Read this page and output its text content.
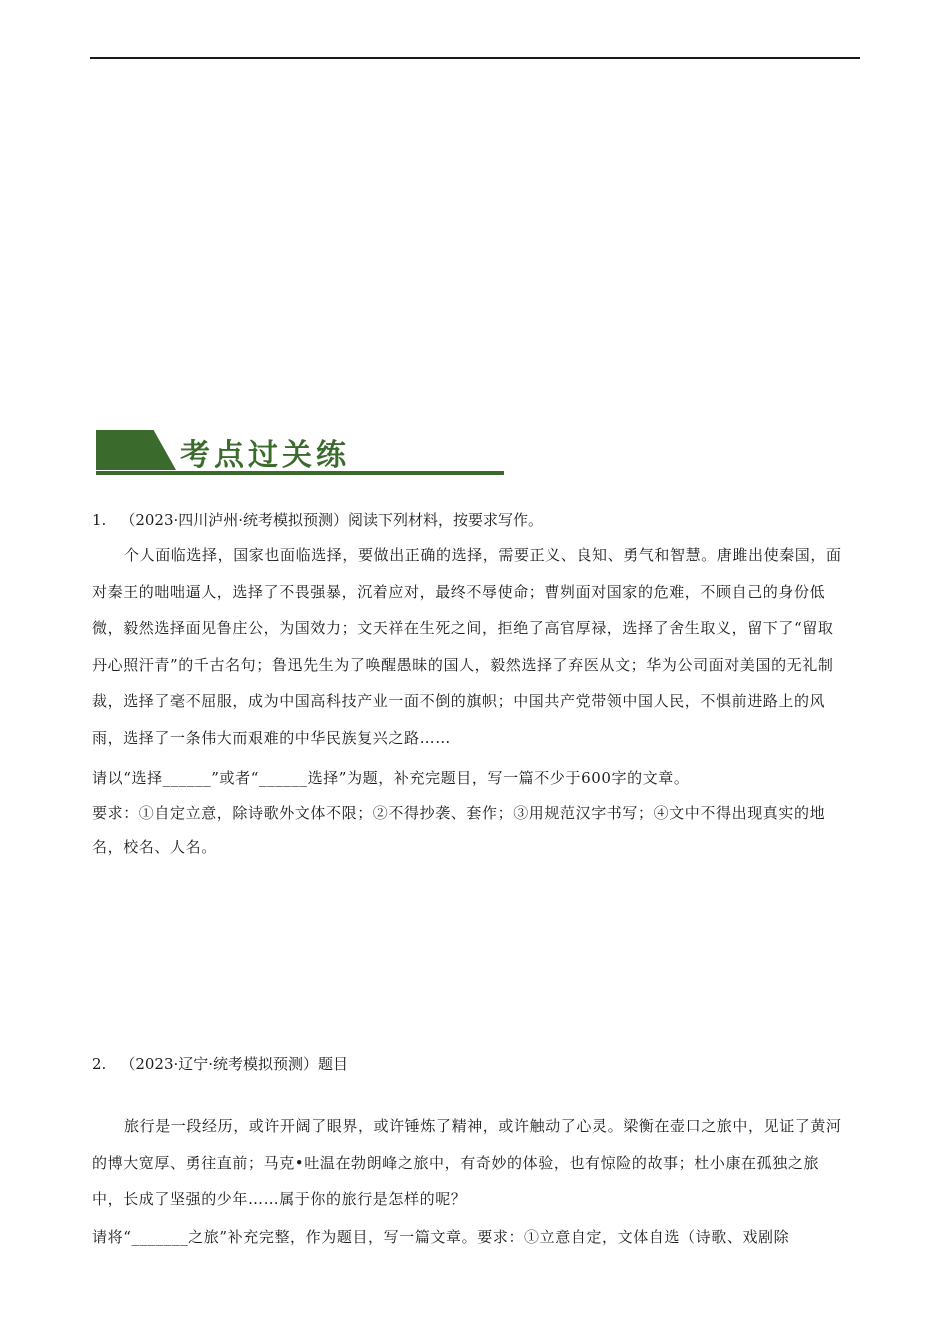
考点过关练
1. （2023·四川泸州·统考模拟预测）阅读下列材料，按要求写作。
个人面临选择，国家也面临选择，要做出正确的选择，需要正义、良知、勇气和智慧。唐雎出使秦国，面对秦王的咄咄逼人，选择了不畏强暴，沉着应对，最终不辱使命；曹刿面对国家的危难，不顾自己的身份低微，毅然选择面见鲁庄公，为国效力；文天祥在生死之间，拒绝了高官厚禄，选择了舍生取义，留下了“留取丹心照汗青”的千古名句；鲁迅先生为了唤醒愚昧的国人，毅然选择了弃医从文；华为公司面对美国的无礼制裁，选择了毫不屈服，成为中国高科技产业一面不倒的旗帜；中国共产党带领中国人民，不惧前进路上的风雨，选择了一条伟大而艰难的中华民族复兴之路……
请以“选择______”或者“______选择”为题，补充完题目，写一篇不少于600字的文章。
要求：①自定立意，除诗歌外文体不限；②不得抄袭、套作；③用规范汉字书写；④文中不得出现真实的地名，校名、人名。
2. （2023·辽宁·统考模拟预测）题目
旅行是一段经历，或许开阔了眼界，或许锤炼了精神，或许触动了心灵。梁衡在壶口之旅中，见证了黄河的博大宽厚、勇往直前；马克•吐温在勃朗峰之旅中，有奇妙的体验，也有惊险的故事；杜小康在孤独之旅中，长成了坚强的少年……属于你的旅行是怎样的呢？
请将“_______之旅”补充完整，作为题目，写一篇文章。要求：①立意自定，文体自选（诗歌、戏剧除
